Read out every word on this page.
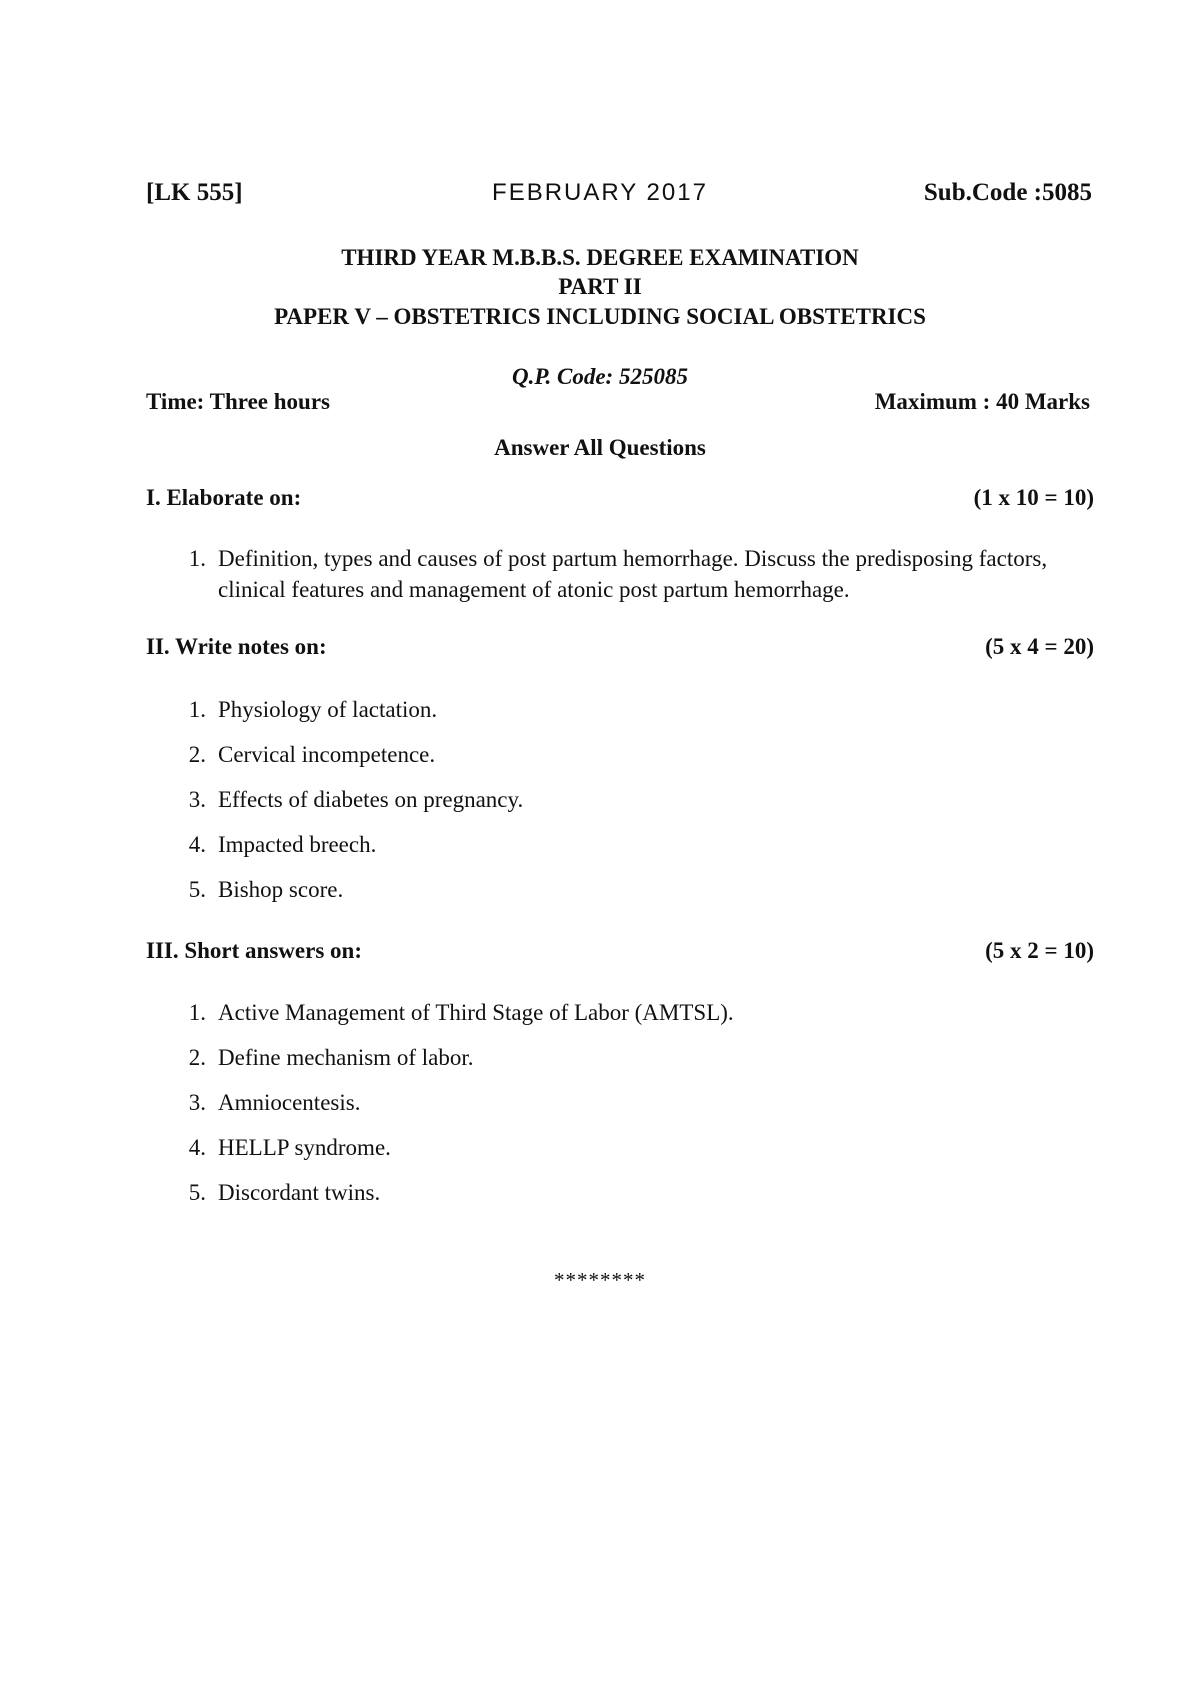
[LK 555]	FEBRUARY 2017	Sub.Code :5085
THIRD YEAR M.B.B.S. DEGREE EXAMINATION
PART II
PAPER V – OBSTETRICS INCLUDING SOCIAL OBSTETRICS
Q.P. Code: 525085
Time: Three hours	Maximum : 40 Marks
Answer All Questions
I. Elaborate on:	(1 x 10 = 10)
1. Definition, types and causes of post partum hemorrhage. Discuss the predisposing factors, clinical features and management of atonic post partum hemorrhage.
II. Write notes on:	(5 x 4 = 20)
1. Physiology of lactation.
2. Cervical incompetence.
3. Effects of diabetes on pregnancy.
4. Impacted breech.
5. Bishop score.
III. Short answers on:	(5 x 2 = 10)
1. Active Management of Third Stage of Labor (AMTSL).
2. Define mechanism of labor.
3. Amniocentesis.
4. HELLP syndrome.
5. Discordant twins.
********
